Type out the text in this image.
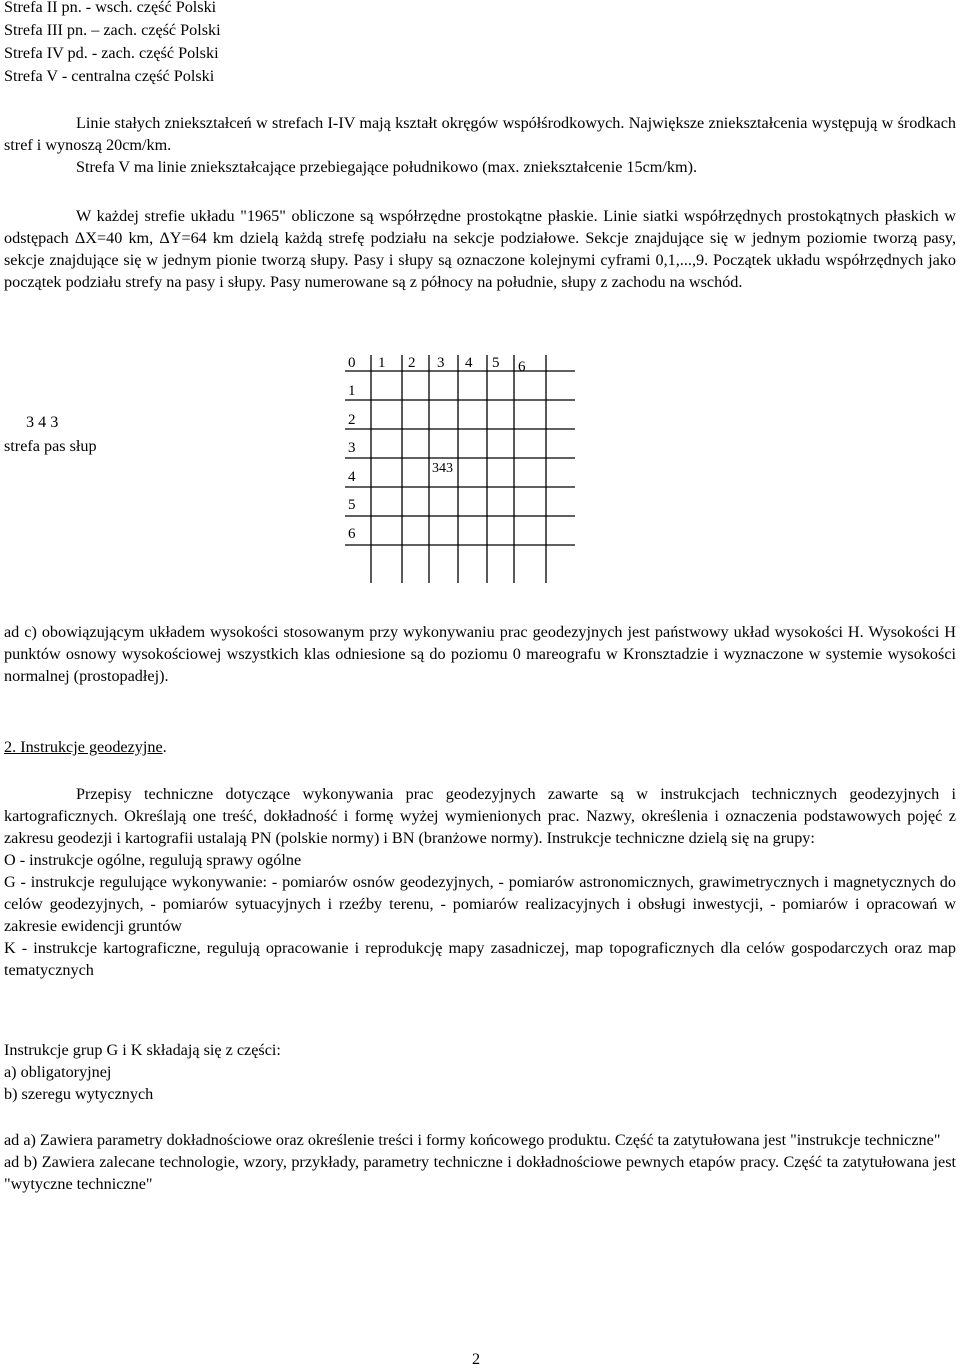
Strefa II pn. - wsch. część Polski
Strefa III pn. – zach. część Polski
Strefa IV pd. - zach. część Polski
Strefa V - centralna część Polski

Linie stałych zniekształceń w strefach I-IV mają kształt okręgów współśrodkowych. Największe zniekształcenia występują w środkach stref i wynoszą 20cm/km.

Strefa V ma linie zniekształcające przebiegające południkowo (max. zniekształcenie 15cm/km).

W każdej strefie układu "1965" obliczone są współrzędne prostokątne płaskie. Linie siatki współrzędnych prostokątnych płaskich w odstępach ΔX=40 km, ΔY=64 km dzielą każdą strefę podziału na sekcje podziałowe. Sekcje znajdujące się w jednym poziomie tworzą pasy, sekcje znajdujące się w jednym pionie tworzą słupy. Pasy i słupy są oznaczone kolejnymi cyframi 0,1,...,9. Początek układu współrzędnych jako początek podziału strefy na pasy i słupy. Pasy numerowane są z północy na południe, słupy z zachodu na wschód.

3 4 3
strefa pas słup
0 1 2 3 4 5 6
1
2
3
4
5
6
343

ad c) obowiązującym układem wysokości stosowanym przy wykonywaniu prac geodezyjnych jest państwowy układ wysokości H. Wysokości H punktów osnowy wysokościowej wszystkich klas odniesione są do poziomu 0 mareografu w Kronsztadzie i wyznaczone w systemie wysokości normalnej (prostopadłej).

2. Instrukcje geodezyjne.

Przepisy techniczne dotyczące wykonywania prac geodezyjnych zawarte są w instrukcjach technicznych geodezyjnych i kartograficznych. Określają one treść, dokładność i formę wyżej wymienionych prac. Nazwy, określenia i oznaczenia podstawowych pojęć z zakresu geodezji i kartografii ustalają PN (polskie normy) i BN (branżowe normy). Instrukcje techniczne dzielą się na grupy:

O - instrukcje ogólne, regulują sprawy ogólne

G - instrukcje regulujące wykonywanie: - pomiarów osnów geodezyjnych, - pomiarów astronomicznych, grawimetrycznych i magnetycznych do celów geodezyjnych, - pomiarów sytuacyjnych i rzeźby terenu, - pomiarów realizacyjnych i obsługi inwestycji, - pomiarów i opracowań w zakresie ewidencji gruntów

K - instrukcje kartograficzne, regulują opracowanie i reprodukcję mapy zasadniczej, map topograficznych dla celów gospodarczych oraz map tematycznych

Instrukcje grup G i K składają się z części:

a) obligatoryjnej

b) szeregu wytycznych

ad a) Zawiera parametry dokładnościowe oraz określenie treści i formy końcowego produktu. Część ta zatytułowana jest "instrukcje techniczne"

ad b) Zawiera zalecane technologie, wzory, przykłady, parametry techniczne i dokładnościowe pewnych etapów pracy. Część ta zatytułowana jest "wytyczne techniczne"

2
